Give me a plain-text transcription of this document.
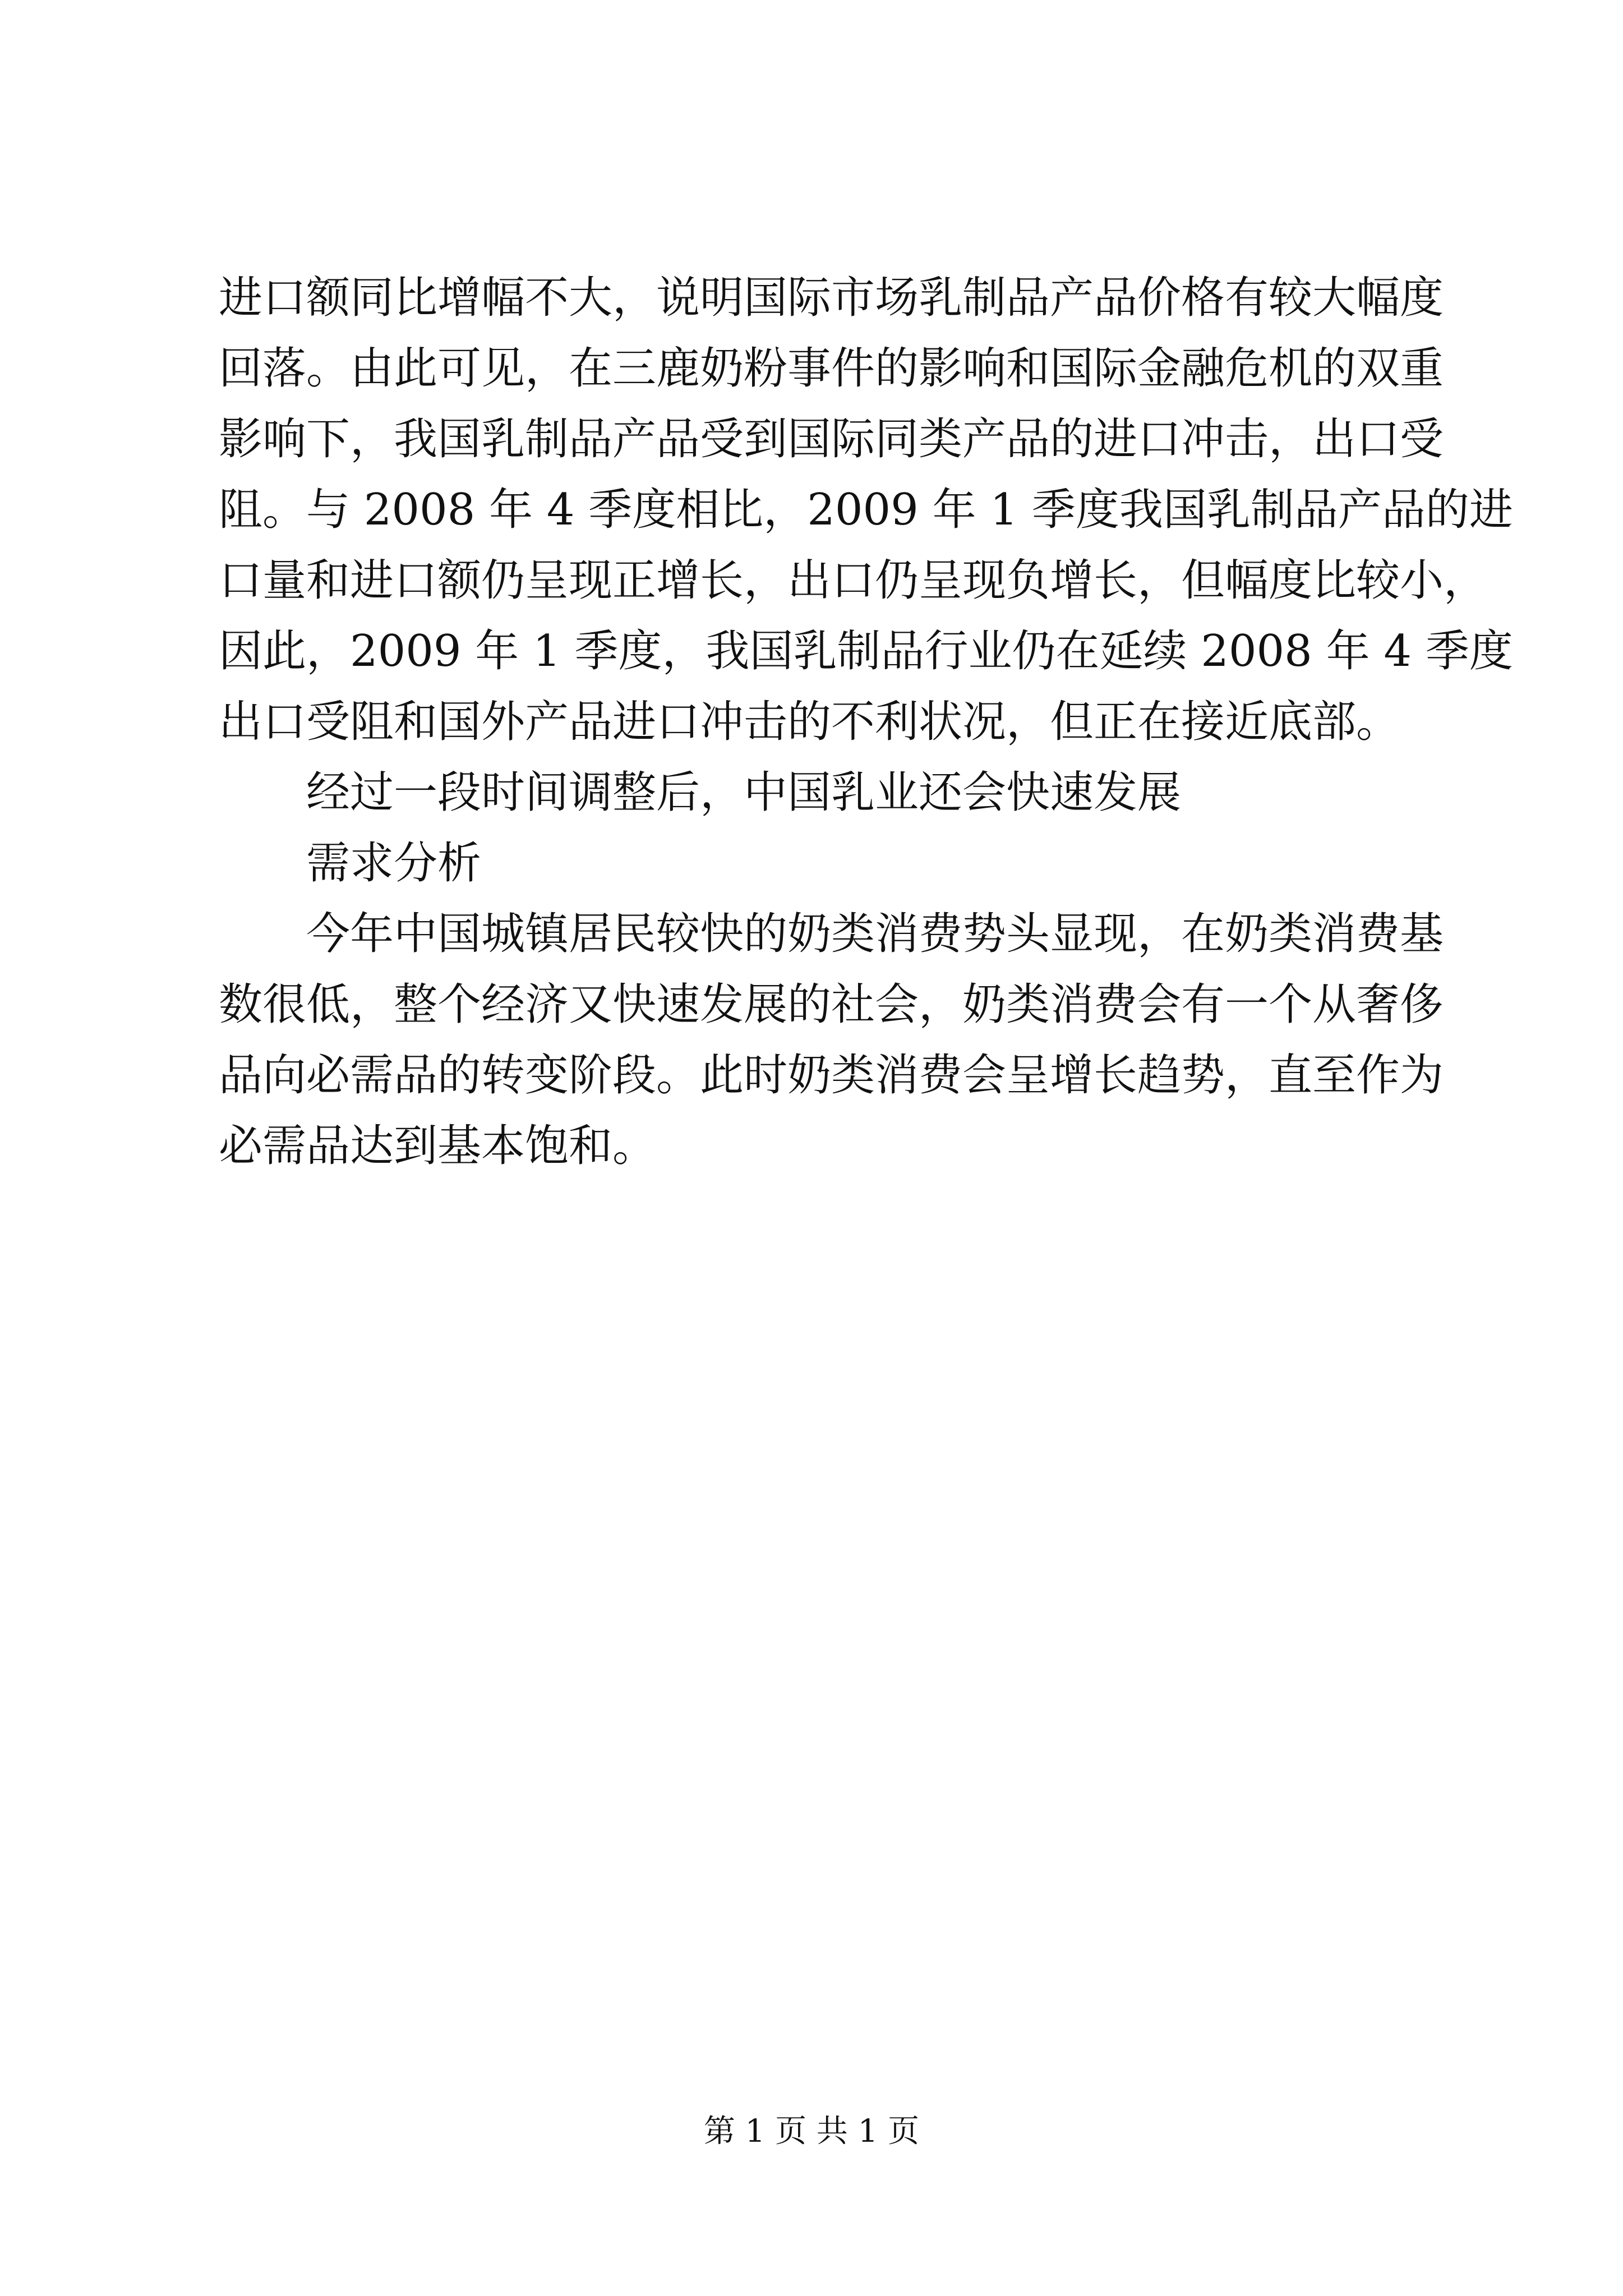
进口额同比增幅不大，说明国际市场乳制品产品价格有较大幅度
回落。由此可见，在三鹿奶粉事件的影响和国际金融危机的双重
影响下，我国乳制品产品受到国际同类产品的进口冲击，出口受
阻。与 2008 年 4 季度相比，2009 年 1 季度我国乳制品产品的进
口量和进口额仍呈现正增长，出口仍呈现负增长，但幅度比较小，
因此，2009 年 1 季度，我国乳制品行业仍在延续 2008 年 4 季度
出口受阻和国外产品进口冲击的不利状况，但正在接近底部。
经过一段时间调整后，中国乳业还会快速发展
需求分析
今年中国城镇居民较快的奶类消费势头显现，在奶类消费基
数很低，整个经济又快速发展的社会，奶类消费会有一个从奢侈
品向必需品的转变阶段。此时奶类消费会呈增长趋势，直至作为
必需品达到基本饱和。
第 1 页 共 1 页
